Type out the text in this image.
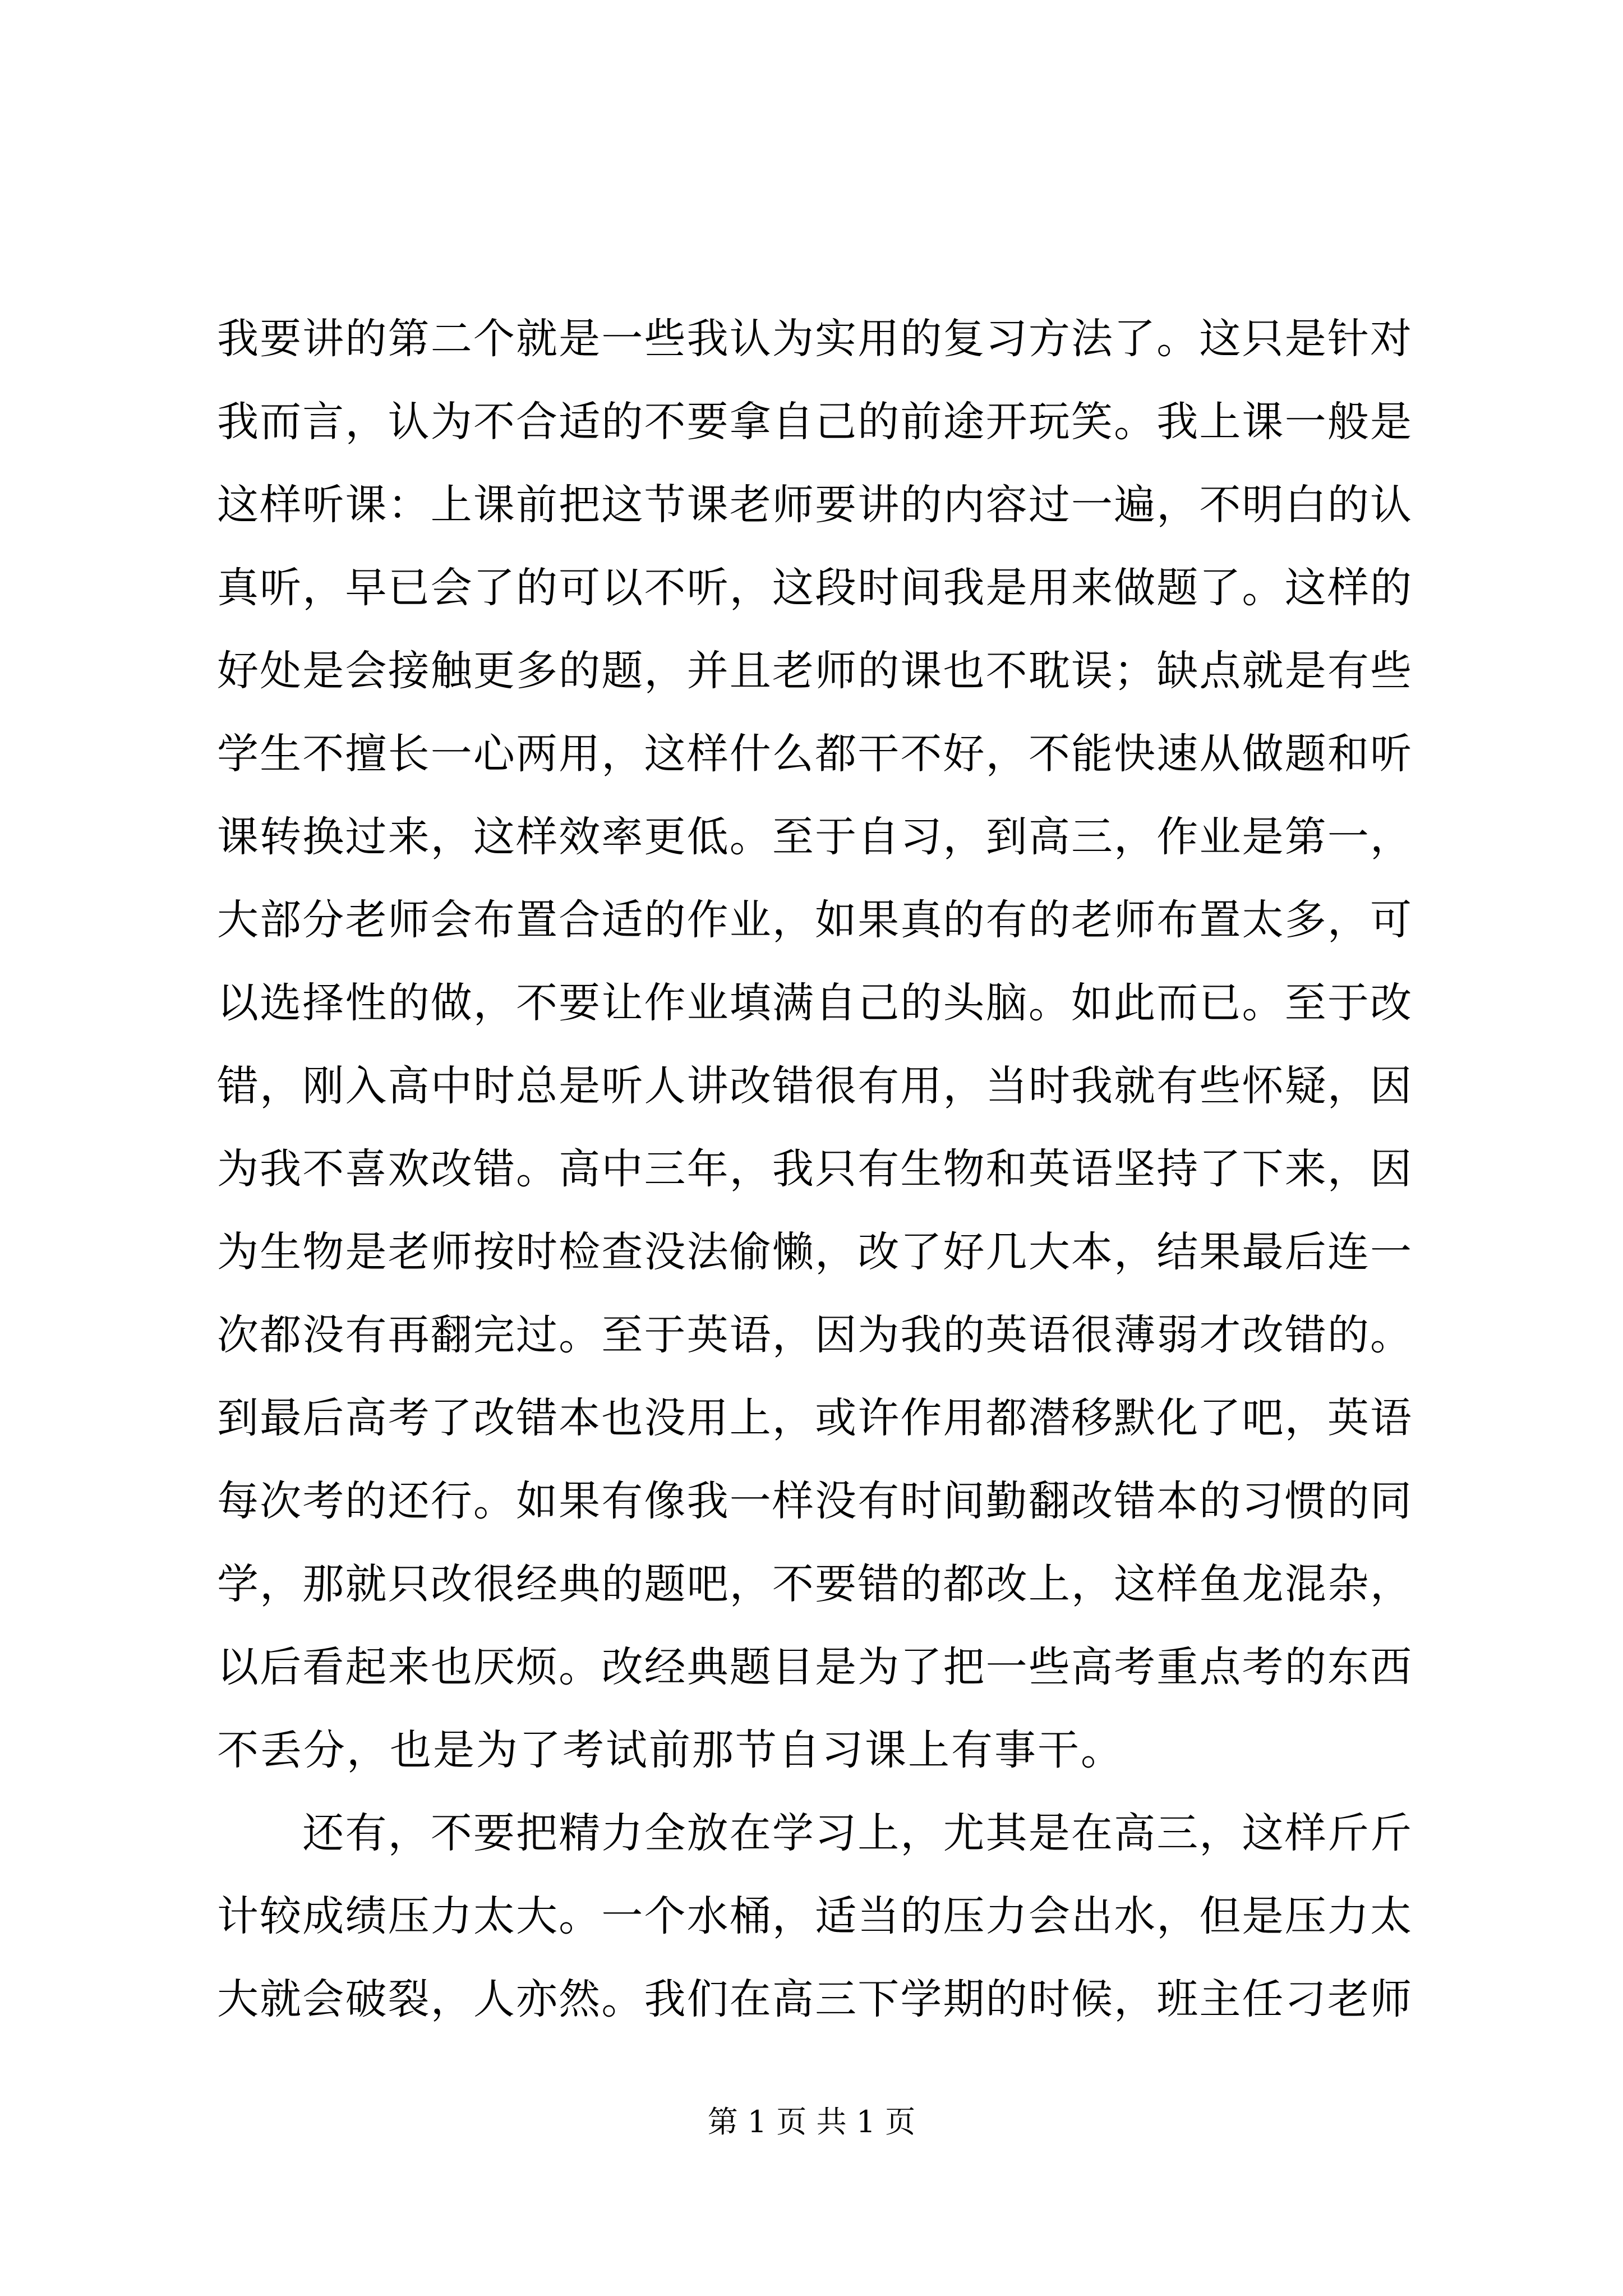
我要讲的第二个就是一些我认为实用的复习方法了。这只是针对
我而言，认为不合适的不要拿自己的前途开玩笑。我上课一般是
这样听课：上课前把这节课老师要讲的内容过一遍，不明白的认
真听，早已会了的可以不听，这段时间我是用来做题了。这样的
好处是会接触更多的题，并且老师的课也不耽误；缺点就是有些
学生不擅长一心两用，这样什么都干不好，不能快速从做题和听
课转换过来，这样效率更低。至于自习，到高三，作业是第一，
大部分老师会布置合适的作业，如果真的有的老师布置太多，可
以选择性的做，不要让作业填满自己的头脑。如此而已。至于改
错，刚入高中时总是听人讲改错很有用，当时我就有些怀疑，因
为我不喜欢改错。高中三年，我只有生物和英语坚持了下来，因
为生物是老师按时检查没法偷懒，改了好几大本，结果最后连一
次都没有再翻完过。至于英语，因为我的英语很薄弱才改错的。
到最后高考了改错本也没用上，或许作用都潜移默化了吧，英语
每次考的还行。如果有像我一样没有时间勤翻改错本的习惯的同
学，那就只改很经典的题吧，不要错的都改上，这样鱼龙混杂，
以后看起来也厌烦。改经典题目是为了把一些高考重点考的东西
不丢分，也是为了考试前那节自习课上有事干。
　　还有，不要把精力全放在学习上，尤其是在高三，这样斤斤
计较成绩压力太大。一个水桶，适当的压力会出水，但是压力太
大就会破裂，人亦然。我们在高三下学期的时候，班主任刁老师
第 1 页 共 1 页
